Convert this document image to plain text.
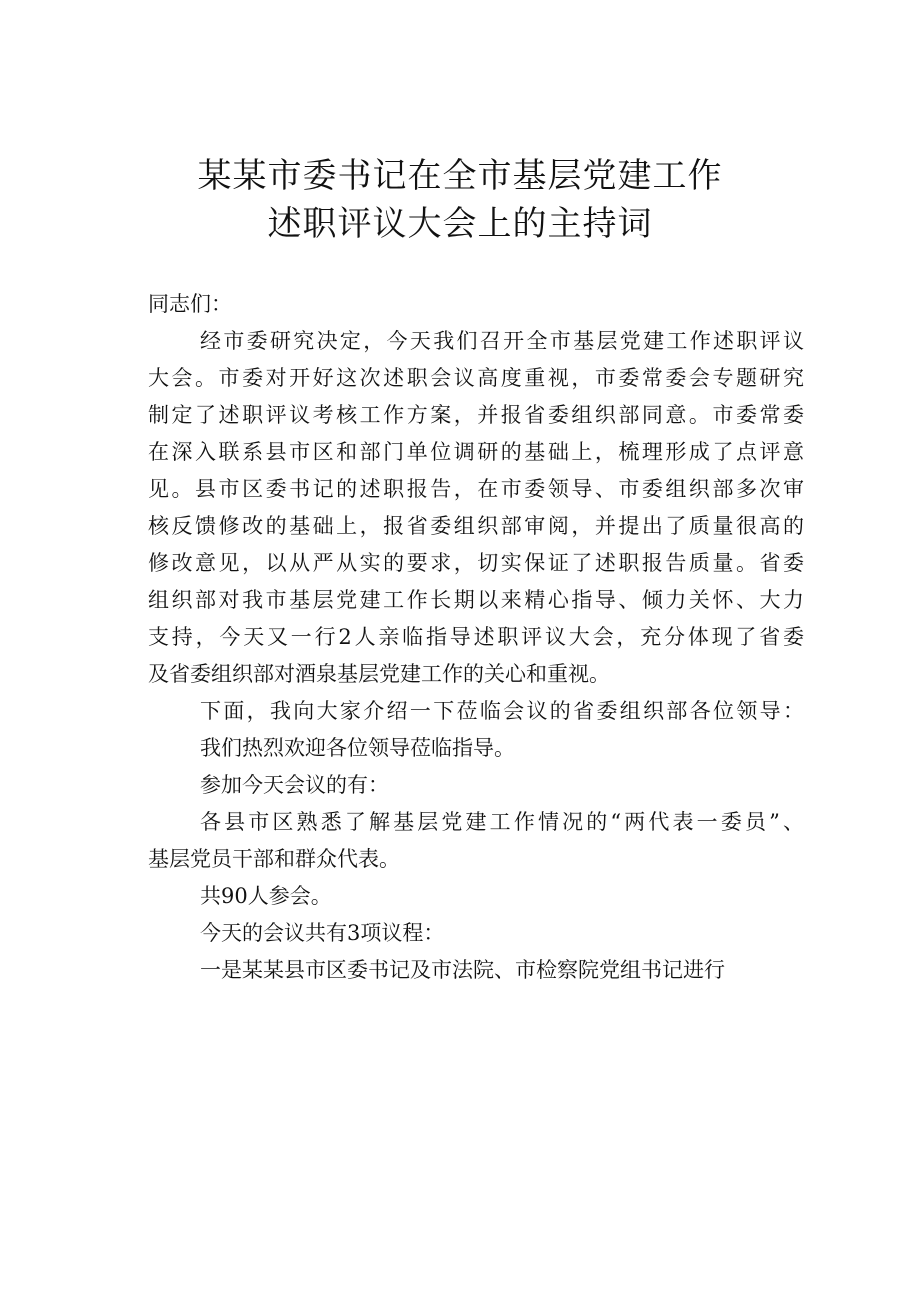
某某市委书记在全市基层党建工作
述职评议大会上的主持词
同志们：
经市委研究决定，今天我们召开全市基层党建工作述职评议
大会。市委对开好这次述职会议高度重视，市委常委会专题研究
制定了述职评议考核工作方案，并报省委组织部同意。市委常委
在深入联系县市区和部门单位调研的基础上，梳理形成了点评意
见。县市区委书记的述职报告，在市委领导、市委组织部多次审
核反馈修改的基础上，报省委组织部审阅，并提出了质量很高的
修改意见，以从严从实的要求，切实保证了述职报告质量。省委
组织部对我市基层党建工作长期以来精心指导、倾力关怀、大力
支持，今天又一行2人亲临指导述职评议大会，充分体现了省委
及省委组织部对酒泉基层党建工作的关心和重视。
下面，我向大家介绍一下莅临会议的省委组织部各位领导：
我们热烈欢迎各位领导莅临指导。
参加今天会议的有：
各县市区熟悉了解基层党建工作情况的“两代表一委员”、
基层党员干部和群众代表。
共90人参会。
今天的会议共有3项议程：
一是某某县市区委书记及市法院、市检察院党组书记进行
